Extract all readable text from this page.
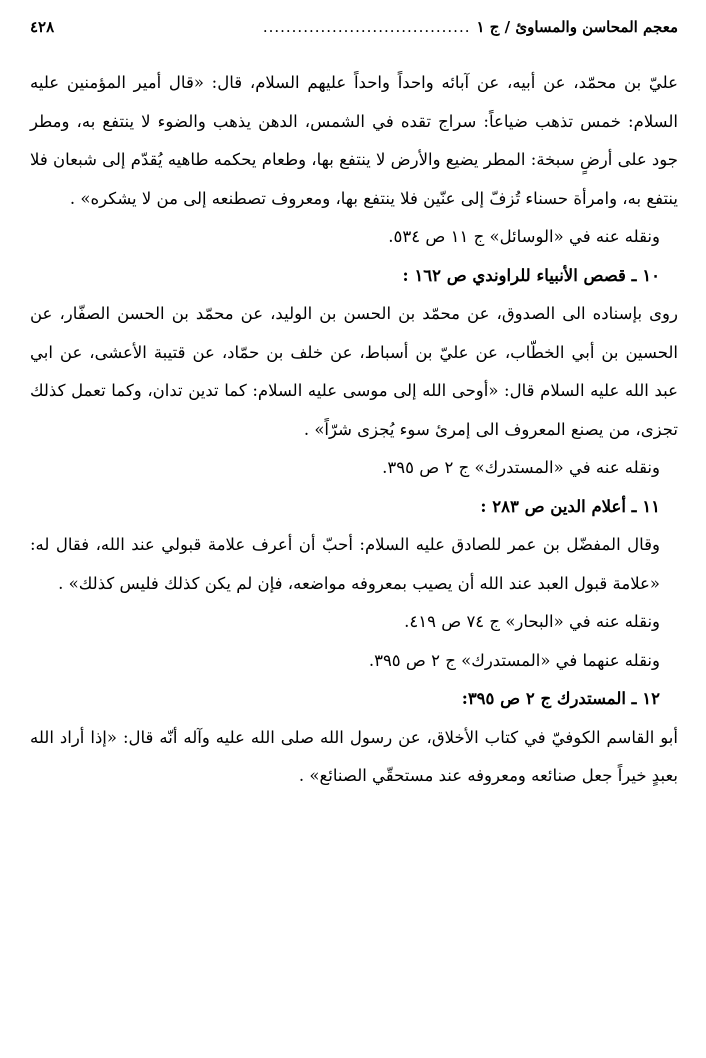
معجم المحاسن والمساوئ / ج ١
....................................
٤٢٨

عليّ بن محمّد، عن أبيه، عن آبائه واحداً واحداً عليهم السلام، قال: «قال أمير المؤمنين عليه السلام: خمس تذهب ضياعاً: سراج تقده في الشمس، الدهن يذهب والضوء لا ينتفع به، ومطر جود على أرضٍ سبخة: المطر يضيع والأرض لا ينتفع بها، وطعام يحكمه طاهيه يُقدّم إلى شبعان فلا ينتفع به، وامرأة حسناء تُزفّ إلى عنّين فلا ينتفع بها، ومعروف تصطنعه إلى من لا يشكره» .

ونقله عنه في «الوسائل» ج ١١ ص ٥٣٤.

١٠ ـ قصص الأنبياء للراوندي ص ١٦٢ :

روى بإسناده الى الصدوق، عن محمّد بن الحسن بن الوليد، عن محمّد بن الحسن الصفّار، عن الحسين بن أبي الخطّاب، عن عليّ بن أسباط، عن خلف بن حمّاد، عن قتيبة الأعشى، عن ابي عبد الله عليه السلام قال: «أوحى الله إلى موسى عليه السلام: كما تدين تدان، وكما تعمل كذلك تجزى، من يصنع المعروف الى إمرئ سوء يُجزى شرّاً» .

ونقله عنه في «المستدرك» ج ٢ ص ٣٩٥.

١١ ـ أعلام الدين ص ٢٨٣ :

وقال المفضّل بن عمر للصادق عليه السلام: أحبّ أن أعرف علامة قبولي عند الله، فقال له: «علامة قبول العبد عند الله أن يصيب بمعروفه مواضعه، فإن لم يكن كذلك فليس كذلك» .

ونقله عنه في «البحار» ج ٧٤ ص ٤١٩.

ونقله عنهما في «المستدرك» ج ٢ ص ٣٩٥.

١٢ ـ المستدرك ج ٢ ص ٣٩٥:

أبو القاسم الكوفيّ في كتاب الأخلاق، عن رسول الله صلى الله عليه وآله أنّه قال: «إذا أراد الله بعبدٍ خيراً جعل صنائعه ومعروفه عند مستحقّي الصنائع» .
